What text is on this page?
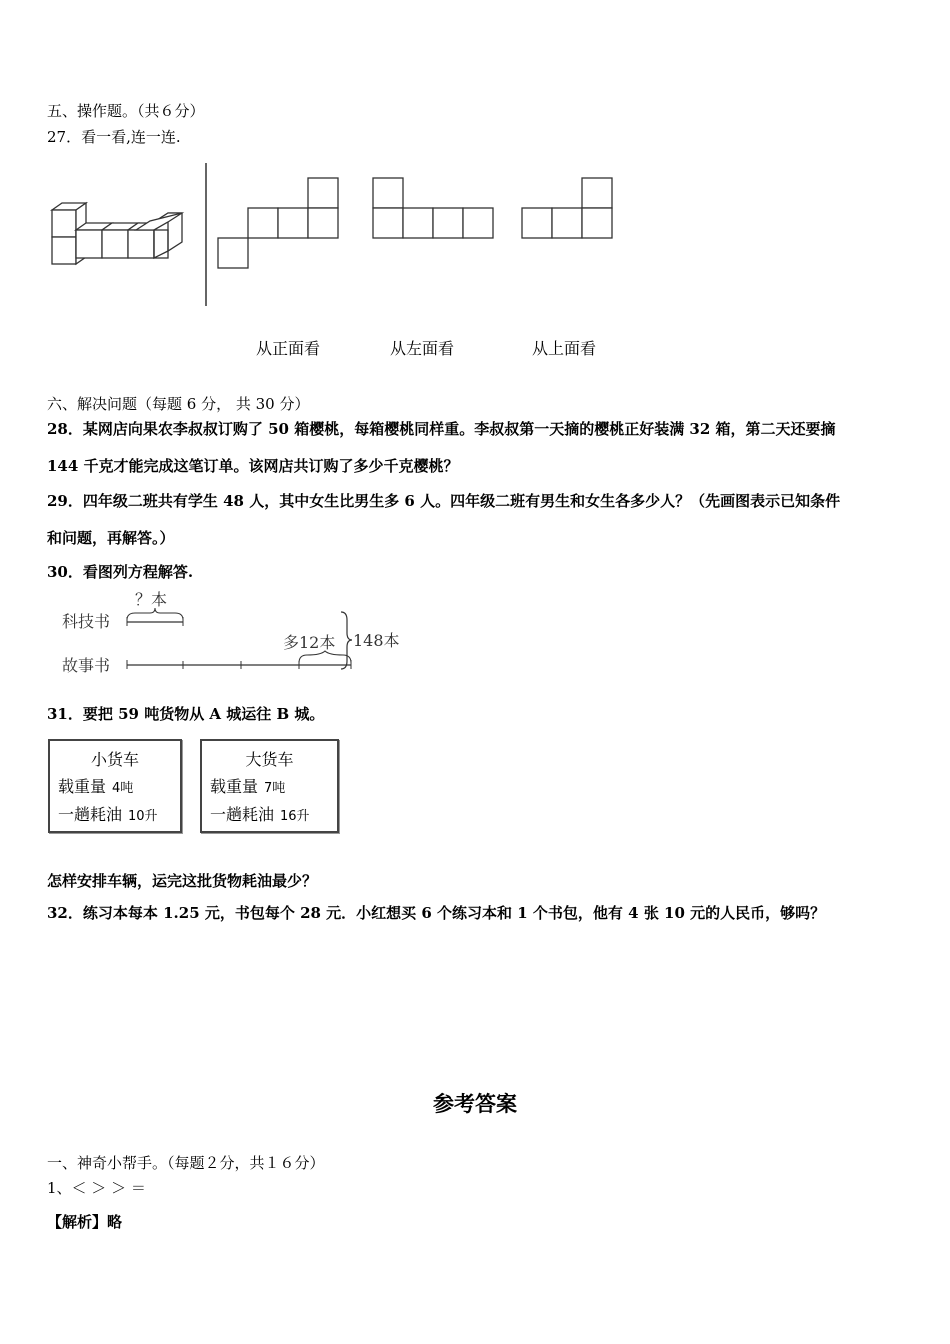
五、操作题。（共６分）
27．看一看,连一连.
从正面看	从左面看	从上面看
六、解决问题（每题 6 分， 共 30 分）
28．某网店向果农李叔叔订购了 50 箱樱桃，每箱樱桃同样重。李叔叔第一天摘的樱桃正好装满 32 箱，第二天还要摘
144 千克才能完成这笔订单。该网店共订购了多少千克樱桃？
29．四年级二班共有学生 48 人，其中女生比男生多 6 人。四年级二班有男生和女生各多少人？（先画图表示已知条件
和问题，再解答。）
30．看图列方程解答.
科技书
故事书
？本
多12本 148本
31．要把 59 吨货物从 A 城运往 B 城。
小货车
载重量 4吨
一趟耗油 10升
大货车
载重量 7吨
一趟耗油 16升
怎样安排车辆，运完这批货物耗油最少？
32．练习本每本 1.25 元，书包每个 28 元．小红想买 6 个练习本和 1 个书包，他有 4 张 10 元的人民币，够吗？
参考答案
一、神奇小帮手。（每题２分，共１６分）
1、＜ ＞ ＞ ＝
【解析】略
